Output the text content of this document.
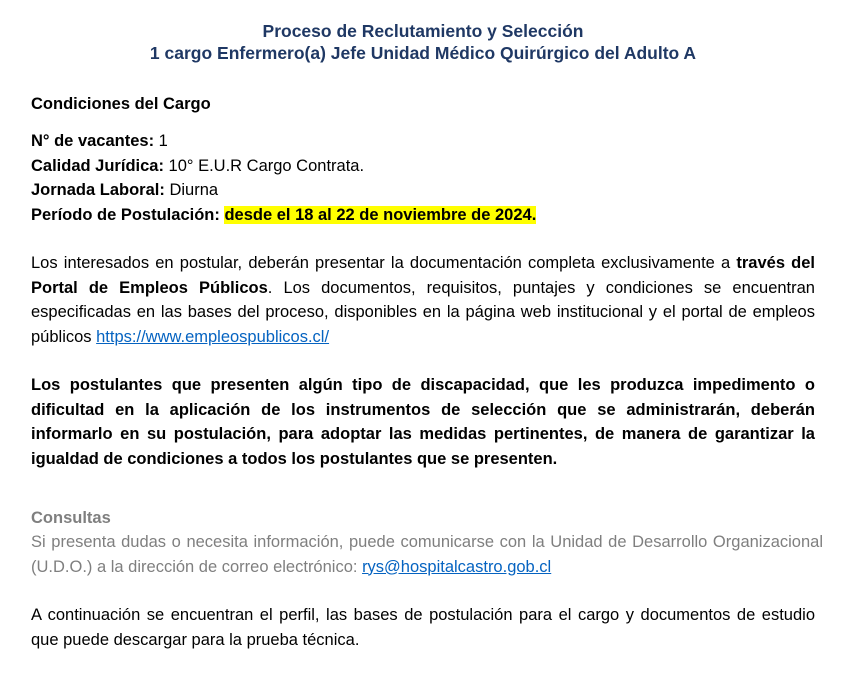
Proceso de Reclutamiento y Selección
1 cargo Enfermero(a) Jefe Unidad Médico Quirúrgico del Adulto A
Condiciones del Cargo
N° de vacantes: 1
Calidad Jurídica: 10° E.U.R Cargo Contrata.
Jornada Laboral: Diurna
Período de Postulación: desde el 18 al 22 de noviembre de 2024.
Los interesados en postular, deberán presentar la documentación completa exclusivamente a través del Portal de Empleos Públicos. Los documentos, requisitos, puntajes y condiciones se encuentran especificadas en las bases del proceso, disponibles en la página web institucional y el portal de empleos públicos https://www.empleospublicos.cl/
Los postulantes que presenten algún tipo de discapacidad, que les produzca impedimento o dificultad en la aplicación de los instrumentos de selección que se administrarán, deberán informarlo en su postulación, para adoptar las medidas pertinentes, de manera de garantizar la igualdad de condiciones a todos los postulantes que se presenten.
Consultas
Si presenta dudas o necesita información, puede comunicarse con la Unidad de Desarrollo Organizacional (U.D.O.) a la dirección de correo electrónico: rys@hospitalcastro.gob.cl
A continuación se encuentran el perfil, las bases de postulación para el cargo y documentos de estudio que puede descargar para la prueba técnica.
